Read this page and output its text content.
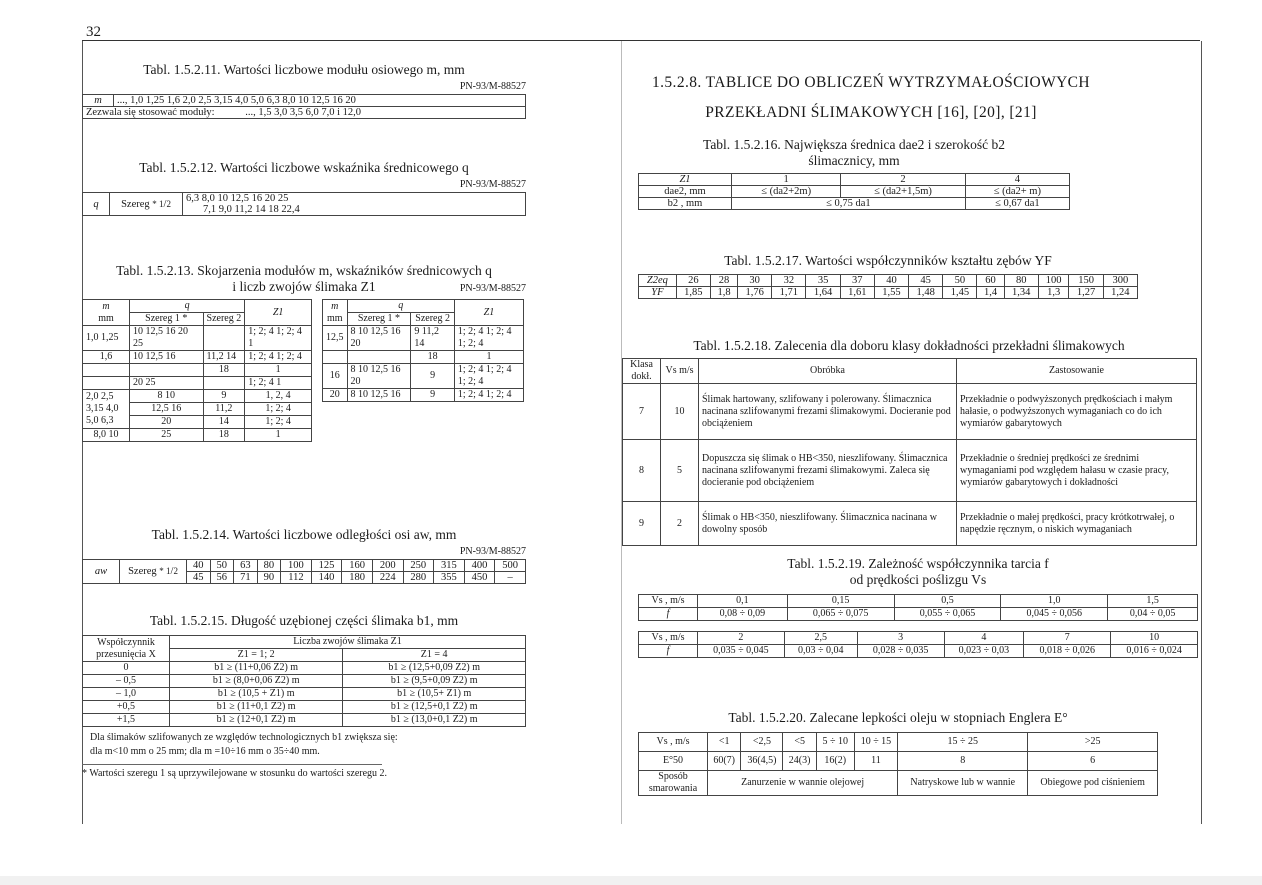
32
Tabl. 1.5.2.11. Wartości liczbowe modułu osiowego m, mm
PN-93/M-88527
m	..., 1,0 1,25 1,6 2,0 2,5 3,15 4,0 5,0 6,3 8,0 10 12,5 16 20
Zezwala się stosować moduły:	..., 1,5 3,0 3,5 6,0 7,0 i 12,0
Tabl. 1.5.2.12. Wartości liczbowe wskaźnika średnicowego q
PN-93/M-88527
q	Szereg * 1/2	6,3 8,0 10 12,5 16 20 25
7,1 9,0 11,2 14 18 22,4
Tabl. 1.5.2.13. Skojarzenia modułów m, wskaźników średnicowych q
i liczb zwojów ślimaka Z1	PN-93/M-88527
m
mm	q		Z1
	Szereg 1 *	Szereg 2	
1,0 1,25	10 12,5 16 20 25		1; 2; 4 1; 2; 4 1
1,6	10 12,5 16	11,2 14	1; 2; 4 1; 2; 4
		18	1
	20 25		1; 2; 4 1
2,0 2,5 3,15 4,0 5,0 6,3	8 10	9	1, 2, 4
	12,5 16	11,2	1; 2; 4
	20	14	1; 2; 4
8,0 10	25	18	1
m
mm	q		Z1
	Szereg 1 *	Szereg 2	
12,5	8 10 12,5 16 20	9 11,2 14	1; 2; 4 1; 2; 4 1; 2; 4
		18	1
16	8 10 12,5 16 20	9	1; 2; 4 1; 2; 4 1; 2; 4
20	8 10 12,5 16	9	1; 2; 4 1; 2; 4
Tabl. 1.5.2.14. Wartości liczbowe odległości osi aw, mm
PN-93/M-88527
aw	Szereg * 1/2	40	50	63	80	100	125	160	200	250	315	400	500
		45	56	71	90	112	140	180	224	280	355	450	–
Tabl. 1.5.2.15. Długość uzębionej części ślimaka b1, mm
Współczynnik przesunięcia X	Liczba zwojów ślimaka Z1	
	Z1 = 1; 2	Z1 = 4
0	b1 ≥ (11+0,06 Z2) m	b1 ≥ (12,5+0,09 Z2) m
– 0,5	b1 ≥ (8,0+0,06 Z2) m	b1 ≥ (9,5+0,09 Z2) m
– 1,0	b1 ≥ (10,5 + Z1) m	b1 ≥ (10,5+ Z1) m
+0,5	b1 ≥ (11+0,1 Z2) m	b1 ≥ (12,5+0,1 Z2) m
+1,5	b1 ≥ (12+0,1 Z2) m	b1 ≥ (13,0+0,1 Z2) m
Dla ślimaków szlifowanych ze względów technologicznych b1 zwiększa się:
dla m<10 mm o 25 mm; dla m =10÷16 mm o 35÷40 mm.
* Wartości szeregu 1 są uprzywilejowane w stosunku do wartości szeregu 2.
1.5.2.8. TABLICE DO OBLICZEŃ WYTRZYMAŁOŚCIOWYCH
PRZEKŁADNI ŚLIMAKOWYCH [16], [20], [21]
Tabl. 1.5.2.16. Największa średnica dae2 i szerokość b2
ślimacznicy, mm
Z1	1	2	4
dae2, mm	≤ (da2+2m)	≤ (da2+1,5m)	≤ (da2+ m)
b2 , mm	≤ 0,75 da1		≤ 0,67 da1
Tabl. 1.5.2.17. Wartości współczynników kształtu zębów YF
Z2eq	26	28	30	32	35	37	40	45	50	60	80	100	150	300
YF	1,85	1,8	1,76	1,71	1,64	1,61	1,55	1,48	1,45	1,4	1,34	1,3	1,27	1,24
Tabl. 1.5.2.18. Zalecenia dla doboru klasy dokładności przekładni ślimakowych
Klasa dokł.	Vs m/s	Obróbka	Zastosowanie
7	10	Ślimak hartowany, szlifowany i polerowany. Ślimacznica nacinana szlifowanymi frezami ślimakowymi. Docieranie pod obciążeniem	Przekładnie o podwyższonych prędkościach i małym hałasie, o podwyższonych wymaganiach co do ich wymiarów gabarytowych
8	5	Dopuszcza się ślimak o HB<350, nieszlifowany. Ślimacznica nacinana szlifowanymi frezami ślimakowymi. Zaleca się docieranie pod obciążeniem	Przekładnie o średniej prędkości ze średnimi wymaganiami pod względem hałasu w czasie pracy, wymiarów gabarytowych i dokładności
9	2	Ślimak o HB<350, nieszlifowany. Ślimacznica nacinana w dowolny sposób	Przekładnie o małej prędkości, pracy krótkotrwałej, o napędzie ręcznym, o niskich wymaganiach
Tabl. 1.5.2.19. Zależność współczynnika tarcia f
od prędkości poślizgu Vs
Vs , m/s	0,1	0,15	0,5	1,0	1,5
f	0,08 ÷ 0,09	0,065 ÷ 0,075	0,055 ÷ 0,065	0,045 ÷ 0,056	0,04 ÷ 0,05
Vs , m/s	2	2,5	3	4	7	10
f	0,035 ÷ 0,045	0,03 ÷ 0,04	0,028 ÷ 0,035	0,023 ÷ 0,03	0,018 ÷ 0,026	0,016 ÷ 0,024
Tabl. 1.5.2.20. Zalecane lepkości oleju w stopniach Englera E°
Vs , m/s	<1	<2,5	<5	5 ÷ 10	10 ÷ 15	15 ÷ 25	>25
E°50	60(7)	36(4,5)	24(3)	16(2)	11	8	6
Sposób smarowania	Zanurzenie w wannie olejowej					Natryskowe lub w wannie	Obiegowe pod ciśnieniem
